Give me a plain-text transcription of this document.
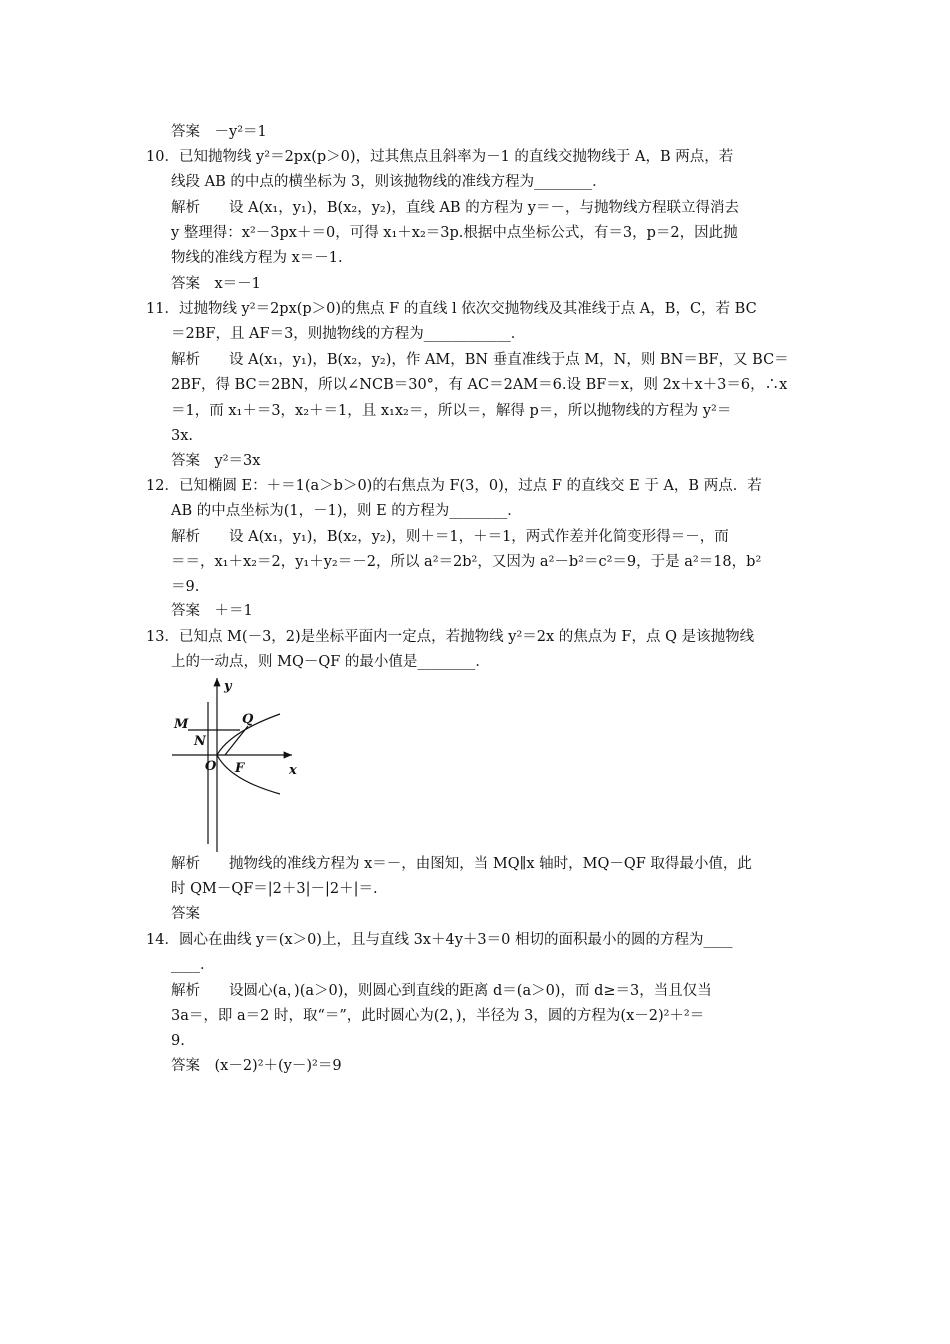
答案　－y²＝1
10．已知抛物线 y²＝2px(p＞0)，过其焦点且斜率为－1 的直线交抛物线于 A，B 两点，若
线段 AB 的中点的横坐标为 3，则该抛物线的准线方程为________．
解析　　设 A(x₁，y₁)，B(x₂，y₂)，直线 AB 的方程为 y＝－，与抛物线方程联立得消去
y 整理得：x²－3px＋＝0，可得 x₁＋x₂＝3p.根据中点坐标公式，有＝3，p＝2，因此抛
物线的准线方程为 x＝－1.
答案　x＝－1
11．过抛物线 y²＝2px(p＞0)的焦点 F 的直线 l 依次交抛物线及其准线于点 A，B，C，若 BC
＝2BF，且 AF＝3，则抛物线的方程为____________．
解析　　设 A(x₁，y₁)，B(x₂，y₂)，作 AM，BN 垂直准线于点 M，N，则 BN＝BF，又 BC＝
2BF，得 BC＝2BN，所以∠NCB＝30°，有 AC＝2AM＝6.设 BF＝x，则 2x＋x＋3＝6，∴x
＝1，而 x₁＋＝3，x₂＋＝1，且 x₁x₂＝，所以＝，解得 p＝，所以抛物线的方程为 y²＝
3x.
答案　y²＝3x
12．已知椭圆 E：＋＝1(a＞b＞0)的右焦点为 F(3，0)，过点 F 的直线交 E 于 A，B 两点．若
AB 的中点坐标为(1，－1)，则 E 的方程为________．
解析　　设 A(x₁，y₁)，B(x₂，y₂)，则＋＝1，＋＝1，两式作差并化简变形得＝－，而
＝＝，x₁＋x₂＝2，y₁＋y₂＝－2，所以 a²＝2b²，又因为 a²－b²＝c²＝9，于是 a²＝18，b²
＝9.
答案　＋＝1
13．已知点 M(－3，2)是坐标平面内一定点，若抛物线 y²＝2x 的焦点为 F，点 Q 是该抛物线
上的一动点，则 MQ－QF 的最小值是________．
y
x
M	Q
N
O F
解析　　抛物线的准线方程为 x＝－，由图知，当 MQ∥x 轴时，MQ－QF 取得最小值，此
时 QM－QF＝|2＋3|－|2＋|＝.
答案
14．圆心在曲线 y＝(x＞0)上，且与直线 3x＋4y＋3＝0 相切的面积最小的圆的方程为____
____．
解析　　设圆心(a，)(a＞0)，则圆心到直线的距离 d＝(a＞0)，而 d≥＝3，当且仅当
3a＝，即 a＝2 时，取“＝”，此时圆心为(2，)，半径为 3，圆的方程为(x－2)²＋²＝
9.
答案　(x－2)²＋(y－)²＝9
